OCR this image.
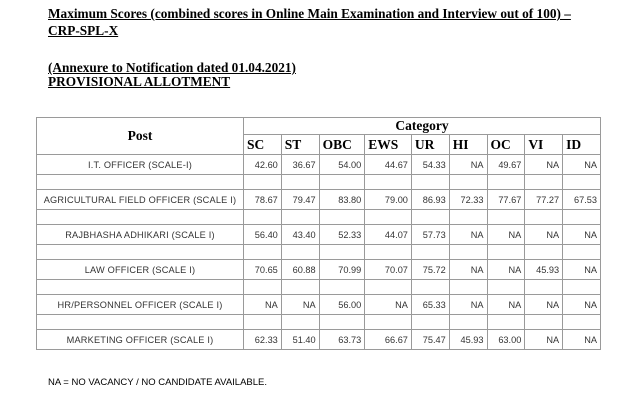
Maximum Scores (combined scores in Online Main Examination and Interview out of 100) –
CRP-SPL-X
(Annexure to Notification dated 01.04.2021)
PROVISIONAL ALLOTMENT
Post	Category								
	SC	ST	OBC	EWS	UR	HI	OC	VI	ID
I.T. OFFICER (SCALE-I)	42.60	36.67	54.00	44.67	54.33	NA	49.67	NA	NA

AGRICULTURAL FIELD OFFICER (SCALE I)	78.67	79.47	83.80	79.00	86.93	72.33	77.67	77.27	67.53

RAJBHASHA ADHIKARI (SCALE I)	56.40	43.40	52.33	44.07	57.73	NA	NA	NA	NA

LAW OFFICER (SCALE I)	70.65	60.88	70.99	70.07	75.72	NA	NA	45.93	NA

HR/PERSONNEL OFFICER (SCALE I)	NA	NA	56.00	NA	65.33	NA	NA	NA	NA

MARKETING OFFICER (SCALE I)	62.33	51.40	63.73	66.67	75.47	45.93	63.00	NA	NA
NA = NO VACANCY / NO CANDIDATE AVAILABLE.
